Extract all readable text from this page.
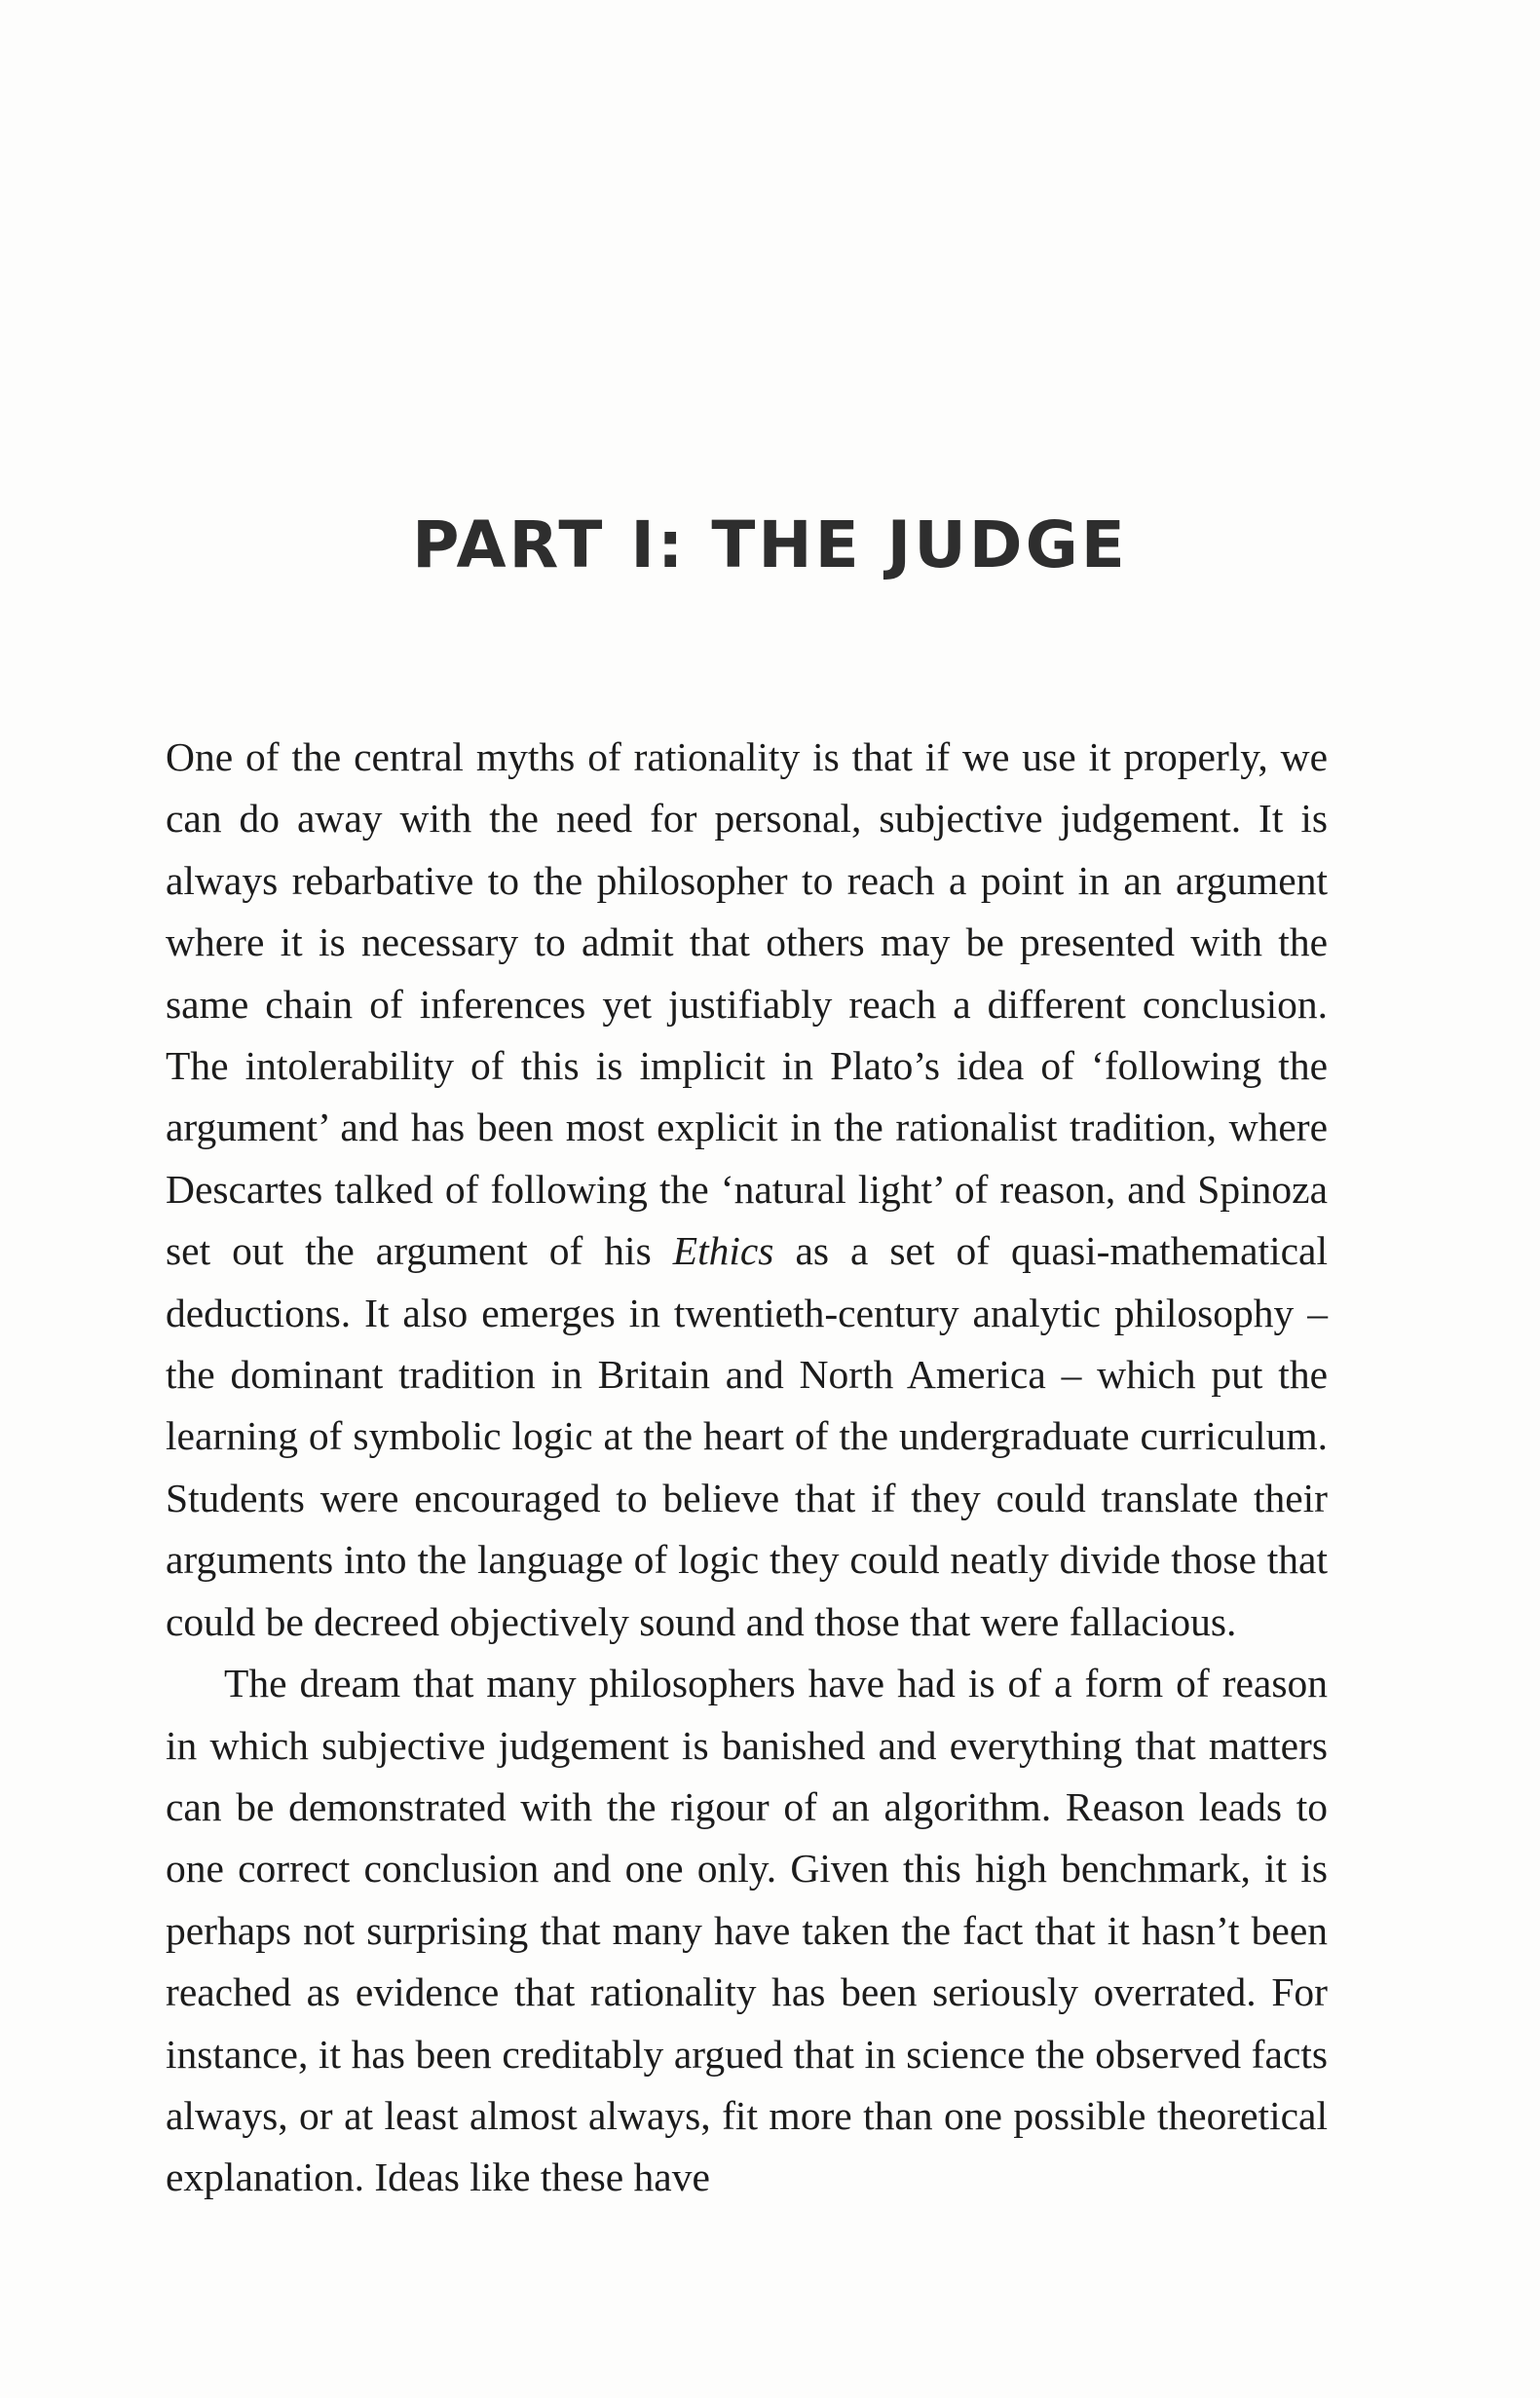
PART I: THE JUDGE

One of the central myths of rationality is that if we use it properly, we can do away with the need for personal, subjective judgement. It is always rebarbative to the philosopher to reach a point in an argument where it is necessary to admit that others may be presented with the same chain of inferences yet justifiably reach a different conclusion. The intolerability of this is implicit in Plato’s idea of ‘following the argument’ and has been most explicit in the rationalist tradition, where Descartes talked of following the ‘natural light’ of reason, and Spinoza set out the argument of his Ethics as a set of quasi-mathematical deductions. It also emerges in twentieth-century analytic philosophy – the dominant tradition in Britain and North America – which put the learning of symbolic logic at the heart of the undergraduate curriculum. Students were encouraged to believe that if they could translate their arguments into the language of logic they could neatly divide those that could be decreed objectively sound and those that were fallacious.

The dream that many philosophers have had is of a form of reason in which subjective judgement is banished and everything that matters can be demonstrated with the rigour of an algorithm. Reason leads to one correct conclusion and one only. Given this high benchmark, it is perhaps not surprising that many have taken the fact that it hasn’t been reached as evidence that rationality has been seriously overrated. For instance, it has been creditably argued that in science the observed facts always, or at least almost always, fit more than one possible theoretical explanation. Ideas like these have
